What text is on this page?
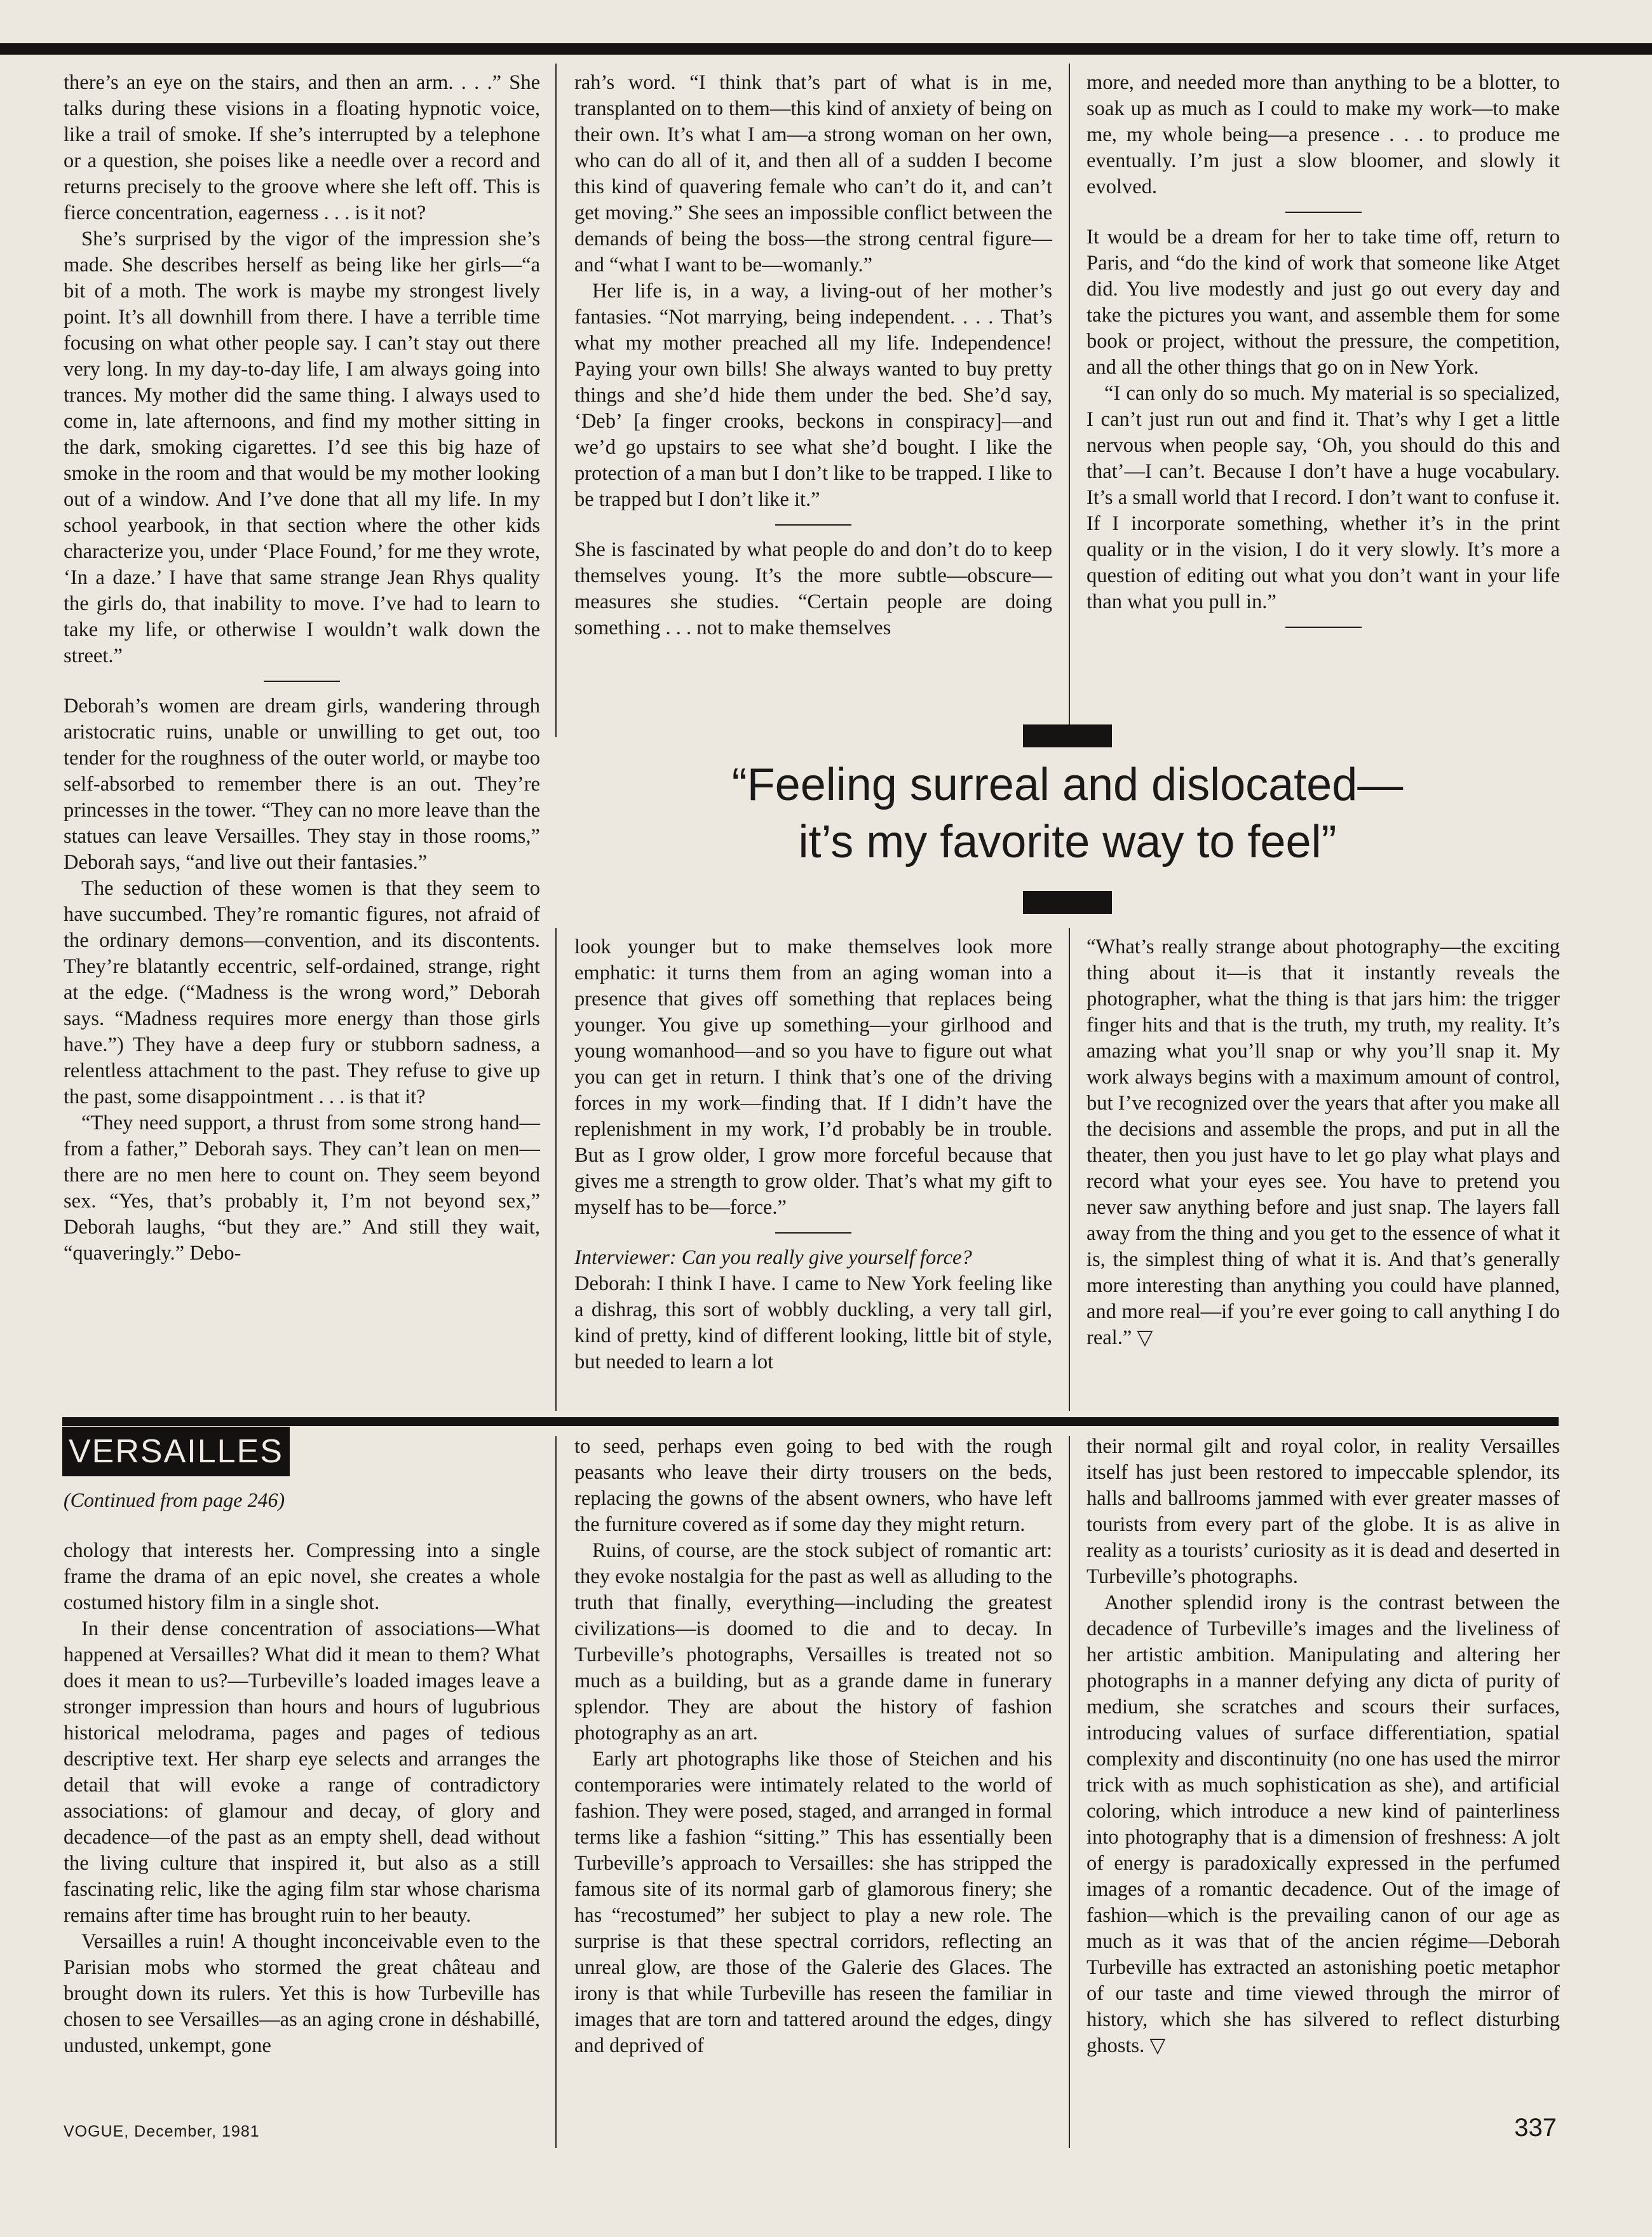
there’s an eye on the stairs, and then an arm. . . .” She talks during these visions in a floating hypnotic voice, like a trail of smoke. If she’s interrupted by a telephone or a question, she poises like a needle over a record and returns precisely to the groove where she left off. This is fierce concentration, eagerness . . . is it not?

She’s surprised by the vigor of the impression she’s made. She describes herself as being like her girls—“a bit of a moth. The work is maybe my strongest lively point. It’s all downhill from there. I have a terrible time focusing on what other people say. I can’t stay out there very long. In my day-to-day life, I am always going into trances. My mother did the same thing. I always used to come in, late afternoons, and find my mother sitting in the dark, smoking cigarettes. I’d see this big haze of smoke in the room and that would be my mother looking out of a window. And I’ve done that all my life. In my school yearbook, in that section where the other kids characterize you, under ‘Place Found,’ for me they wrote, ‘In a daze.’ I have that same strange Jean Rhys quality the girls do, that inability to move. I’ve had to learn to take my life, or otherwise I wouldn’t walk down the street.”

Deborah’s women are dream girls, wandering through aristocratic ruins, unable or unwilling to get out, too tender for the roughness of the outer world, or maybe too self-absorbed to remember there is an out. They’re princesses in the tower. “They can no more leave than the statues can leave Versailles. They stay in those rooms,” Deborah says, “and live out their fantasies.”

The seduction of these women is that they seem to have succumbed. They’re romantic figures, not afraid of the ordinary demons—convention, and its discontents. They’re blatantly eccentric, self-ordained, strange, right at the edge. (“Madness is the wrong word,” Deborah says. “Madness requires more energy than those girls have.”) They have a deep fury or stubborn sadness, a relentless attachment to the past. They refuse to give up the past, some disappointment . . . is that it?

“They need support, a thrust from some strong hand—from a father,” Deborah says. They can’t lean on men—there are no men here to count on. They seem beyond sex. “Yes, that’s probably it, I’m not beyond sex,” Deborah laughs, “but they are.” And still they wait, “quaveringly.” Debo-

rah’s word. “I think that’s part of what is in me, transplanted on to them—this kind of anxiety of being on their own. It’s what I am—a strong woman on her own, who can do all of it, and then all of a sudden I become this kind of quavering female who can’t do it, and can’t get moving.” She sees an impossible conflict between the demands of being the boss—the strong central figure—and “what I want to be—womanly.”

Her life is, in a way, a living-out of her mother’s fantasies. “Not marrying, being independent. . . . That’s what my mother preached all my life. Independence! Paying your own bills! She always wanted to buy pretty things and she’d hide them under the bed. She’d say, ‘Deb’ [a finger crooks, beckons in conspiracy]—and we’d go upstairs to see what she’d bought. I like the protection of a man but I don’t like to be trapped. I like to be trapped but I don’t like it.”

She is fascinated by what people do and don’t do to keep themselves young. It’s the more subtle—obscure—measures she studies. “Certain people are doing something . . . not to make themselves

more, and needed more than anything to be a blotter, to soak up as much as I could to make my work—to make me, my whole being—a presence . . . to produce me eventually. I’m just a slow bloomer, and slowly it evolved.

It would be a dream for her to take time off, return to Paris, and “do the kind of work that someone like Atget did. You live modestly and just go out every day and take the pictures you want, and assemble them for some book or project, without the pressure, the competition, and all the other things that go on in New York.

“I can only do so much. My material is so specialized, I can’t just run out and find it. That’s why I get a little nervous when people say, ‘Oh, you should do this and that’—I can’t. Because I don’t have a huge vocabulary. It’s a small world that I record. I don’t want to confuse it. If I incorporate something, whether it’s in the print quality or in the vision, I do it very slowly. It’s more a question of editing out what you don’t want in your life than what you pull in.”

“Feeling surreal and dislocated—
it’s my favorite way to feel”

look younger but to make themselves look more emphatic: it turns them from an aging woman into a presence that gives off something that replaces being younger. You give up something—your girlhood and young womanhood—and so you have to figure out what you can get in return. I think that’s one of the driving forces in my work—finding that. If I didn’t have the replenishment in my work, I’d probably be in trouble. But as I grow older, I grow more forceful because that gives me a strength to grow older. That’s what my gift to myself has to be—force.”

Interviewer: Can you really give yourself force?

Deborah: I think I have. I came to New York feeling like a dishrag, this sort of wobbly duckling, a very tall girl, kind of pretty, kind of different looking, little bit of style, but needed to learn a lot

“What’s really strange about photography—the exciting thing about it—is that it instantly reveals the photographer, what the thing is that jars him: the trigger finger hits and that is the truth, my truth, my reality. It’s amazing what you’ll snap or why you’ll snap it. My work always begins with a maximum amount of control, but I’ve recognized over the years that after you make all the decisions and assemble the props, and put in all the theater, then you just have to let go play what plays and record what your eyes see. You have to pretend you never saw anything before and just snap. The layers fall away from the thing and you get to the essence of what it is, the simplest thing of what it is. And that’s generally more interesting than anything you could have planned, and more real—if you’re ever going to call anything I do real.” ▽

VERSAILLES
(Continued from page 246)

chology that interests her. Compressing into a single frame the drama of an epic novel, she creates a whole costumed history film in a single shot.

In their dense concentration of associations—What happened at Versailles? What did it mean to them? What does it mean to us?—Turbeville’s loaded images leave a stronger impression than hours and hours of lugubrious historical melodrama, pages and pages of tedious descriptive text. Her sharp eye selects and arranges the detail that will evoke a range of contradictory associations: of glamour and decay, of glory and decadence—of the past as an empty shell, dead without the living culture that inspired it, but also as a still fascinating relic, like the aging film star whose charisma remains after time has brought ruin to her beauty.

Versailles a ruin! A thought inconceivable even to the Parisian mobs who stormed the great château and brought down its rulers. Yet this is how Turbeville has chosen to see Versailles—as an aging crone in déshabillé, undusted, unkempt, gone

to seed, perhaps even going to bed with the rough peasants who leave their dirty trousers on the beds, replacing the gowns of the absent owners, who have left the furniture covered as if some day they might return.

Ruins, of course, are the stock subject of romantic art: they evoke nostalgia for the past as well as alluding to the truth that finally, everything—including the greatest civilizations—is doomed to die and to decay. In Turbeville’s photographs, Versailles is treated not so much as a building, but as a grande dame in funerary splendor. They are about the history of fashion photography as an art.

Early art photographs like those of Steichen and his contemporaries were intimately related to the world of fashion. They were posed, staged, and arranged in formal terms like a fashion “sitting.” This has essentially been Turbeville’s approach to Versailles: she has stripped the famous site of its normal garb of glamorous finery; she has “recostumed” her subject to play a new role. The surprise is that these spectral corridors, reflecting an unreal glow, are those of the Galerie des Glaces. The irony is that while Turbeville has reseen the familiar in images that are torn and tattered around the edges, dingy and deprived of

their normal gilt and royal color, in reality Versailles itself has just been restored to impeccable splendor, its halls and ballrooms jammed with ever greater masses of tourists from every part of the globe. It is as alive in reality as a tourists’ curiosity as it is dead and deserted in Turbeville’s photographs.

Another splendid irony is the contrast between the decadence of Turbeville’s images and the liveliness of her artistic ambition. Manipulating and altering her photographs in a manner defying any dicta of purity of medium, she scratches and scours their surfaces, introducing values of surface differentiation, spatial complexity and discontinuity (no one has used the mirror trick with as much sophistication as she), and artificial coloring, which introduce a new kind of painterliness into photography that is a dimension of freshness: A jolt of energy is paradoxically expressed in the perfumed images of a romantic decadence. Out of the image of fashion—which is the prevailing canon of our age as much as it was that of the ancien régime—Deborah Turbeville has extracted an astonishing poetic metaphor of our taste and time viewed through the mirror of history, which she has silvered to reflect disturbing ghosts. ▽

VOGUE, December, 1981	337
